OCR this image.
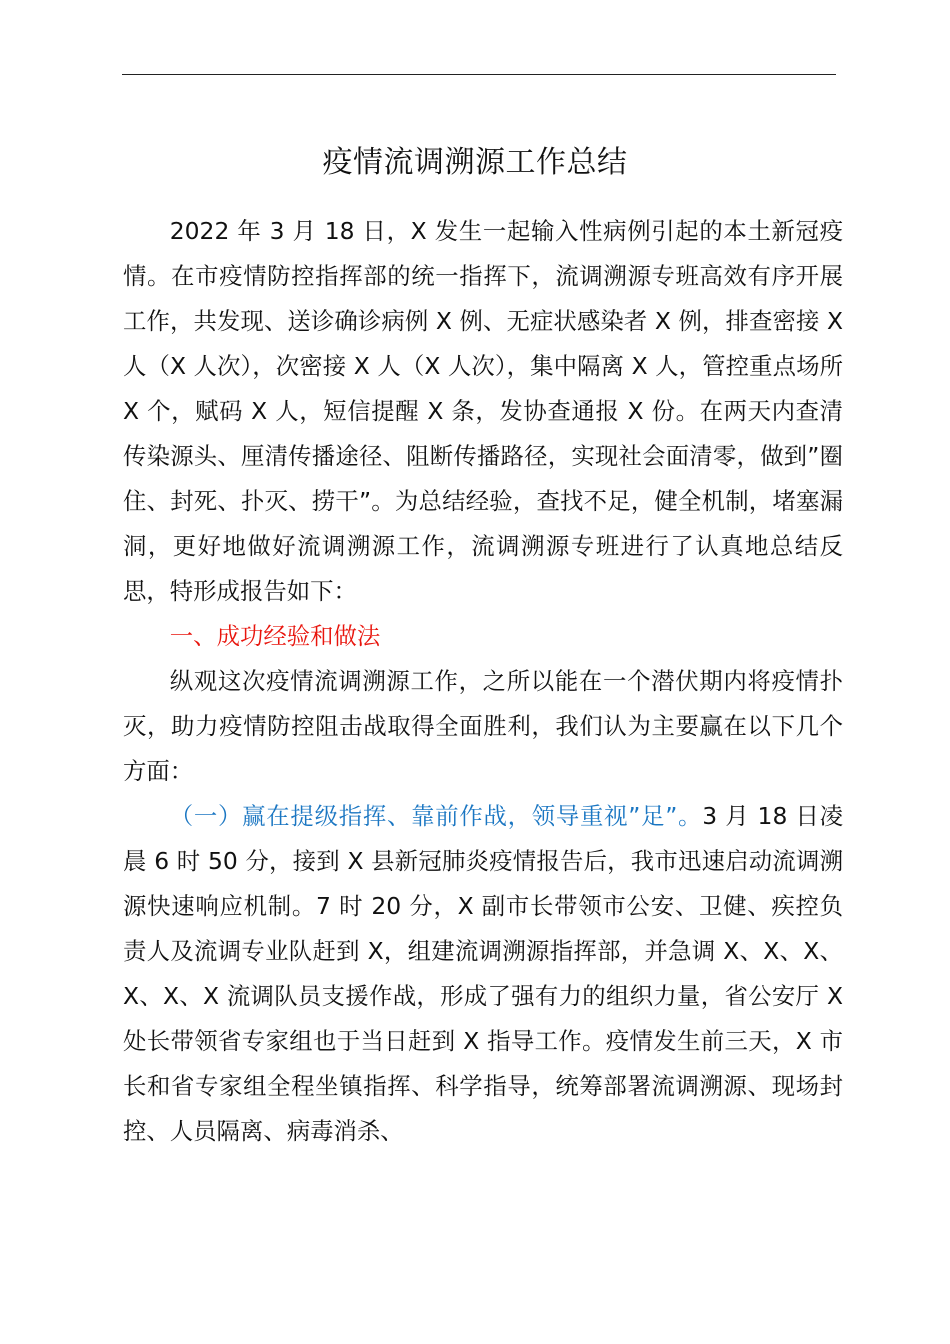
疫情流调溯源工作总结

2022 年 3 月 18 日，X 发生一起输入性病例引起的本土新冠疫情。在市疫情防控指挥部的统一指挥下，流调溯源专班高效有序开展工作，共发现、送诊确诊病例 X 例、无症状感染者 X 例，排查密接 X 人（X 人次），次密接 X 人（X 人次），集中隔离 X 人，管控重点场所 X 个，赋码 X 人，短信提醒 X 条，发协查通报 X 份。在两天内查清传染源头、厘清传播途径、阻断传播路径，实现社会面清零，做到”圈住、封死、扑灭、捞干”。为总结经验，查找不足，健全机制，堵塞漏洞，更好地做好流调溯源工作，流调溯源专班进行了认真地总结反思，特形成报告如下：

一、成功经验和做法

纵观这次疫情流调溯源工作，之所以能在一个潜伏期内将疫情扑灭，助力疫情防控阻击战取得全面胜利，我们认为主要赢在以下几个方面：

（一）赢在提级指挥、靠前作战，领导重视”足”。3 月 18 日凌晨 6 时 50 分，接到 X 县新冠肺炎疫情报告后，我市迅速启动流调溯源快速响应机制。7 时 20 分，X 副市长带领市公安、卫健、疾控负责人及流调专业队赶到 X，组建流调溯源指挥部，并急调 X、X、X、X、X、X 流调队员支援作战，形成了强有力的组织力量，省公安厅 X 处长带领省专家组也于当日赶到 X 指导工作。疫情发生前三天，X 市长和省专家组全程坐镇指挥、科学指导，统筹部署流调溯源、现场封控、人员隔离、病毒消杀、
